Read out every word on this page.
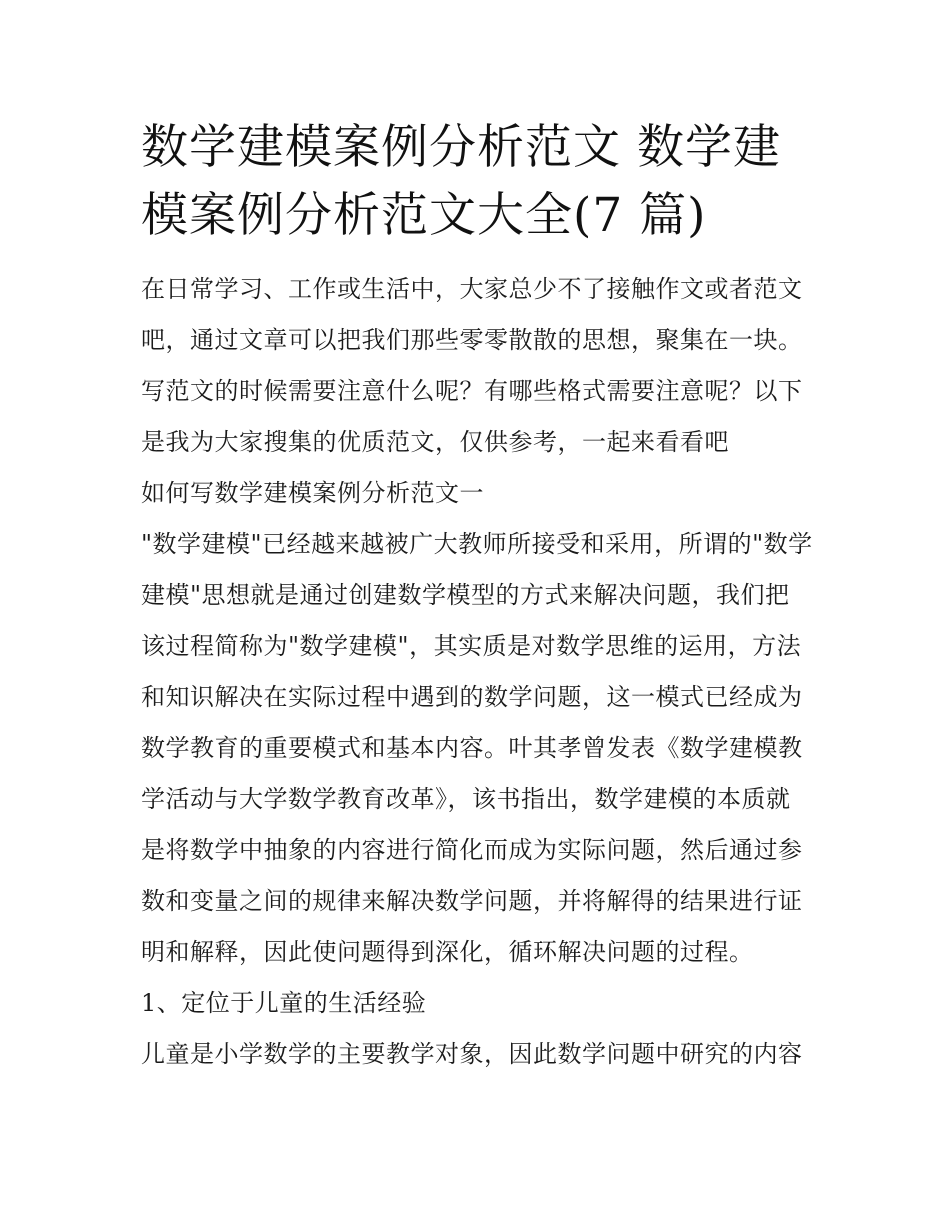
数学建模案例分析范文 数学建模案例分析范文大全(7 篇)

在日常学习、工作或生活中，大家总少不了接触作文或者范文吧，通过文章可以把我们那些零零散散的思想，聚集在一块。写范文的时候需要注意什么呢？有哪些格式需要注意呢？以下是我为大家搜集的优质范文，仅供参考，一起来看看吧

如何写数学建模案例分析范文一

"数学建模"已经越来越被广大教师所接受和采用，所谓的"数学建模"思想就是通过创建数学模型的方式来解决问题，我们把该过程简称为"数学建模"，其实质是对数学思维的运用，方法和知识解决在实际过程中遇到的数学问题，这一模式已经成为数学教育的重要模式和基本内容。叶其孝曾发表《数学建模教学活动与大学数学教育改革》，该书指出，数学建模的本质就是将数学中抽象的内容进行简化而成为实际问题，然后通过参数和变量之间的规律来解决数学问题，并将解得的结果进行证明和解释，因此使问题得到深化，循环解决问题的过程。

1、定位于儿童的生活经验

儿童是小学数学的主要教学对象，因此数学问题中研究的内容
